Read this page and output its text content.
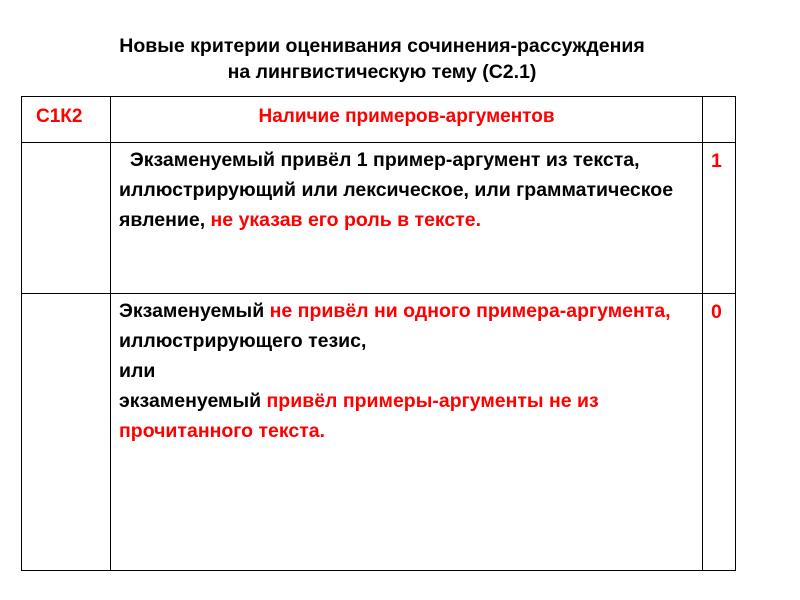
Новые критерии оценивания сочинения-рассуждения
на лингвистическую тему (С2.1)
С1К2	Наличие примеров-аргументов	

	Экзаменуемый привёл 1 пример-аргумент из текста,

иллюстрирующий или лексическое, или грамматическое

явление, не указав его роль в тексте.	1

	Экзаменуемый не привёл ни одного примера-аргумента,

иллюстрирующего тезис,

или

экзаменуемый привёл примеры-аргументы не из

прочитанного текста.	0
